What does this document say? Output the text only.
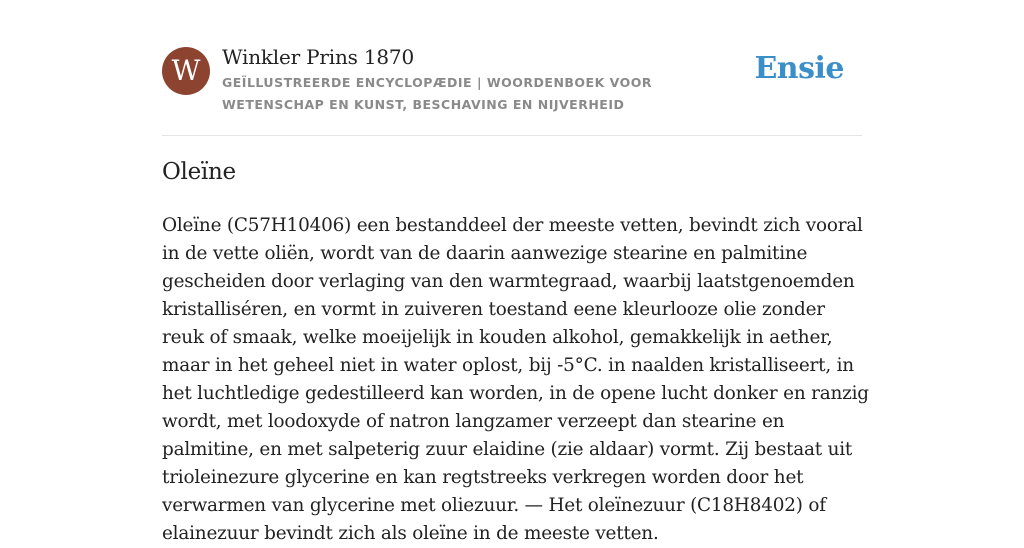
W	Winkler Prins 1870
GEÏLLUSTREERDE ENCYCLOPÆDIE | WOORDENBOEK VOOR WETENSCHAP EN KUNST, BESCHAVING EN NIJVERHEID
Ensie
Oleïne

Oleïne (C57H10406) een bestanddeel der meeste vetten, bevindt zich vooral in de vette oliën, wordt van de daarin aanwezige stearine en palmitine gescheiden door verlaging van den warmtegraad, waarbij laatstgenoemden kristalliséren, en vormt in zuiveren toestand eene kleurlooze olie zonder reuk of smaak, welke moeijelijk in kouden alkohol, gemakkelijk in aether, maar in het geheel niet in water oplost, bij -5°C. in naalden kristalliseert, in het luchtledige gedestilleerd kan worden, in de opene lucht donker en ranzig wordt, met loodoxyde of natron langzamer verzeept dan stearine en palmitine, en met salpeterig zuur elaidine (zie aldaar) vormt. Zij bestaat uit trioleinezure glycerine en kan regtstreeks verkregen worden door het verwarmen van glycerine met oliezuur. — Het oleïnezuur (C18H8402) of elainezuur bevindt zich als oleïne in de meeste vetten.
